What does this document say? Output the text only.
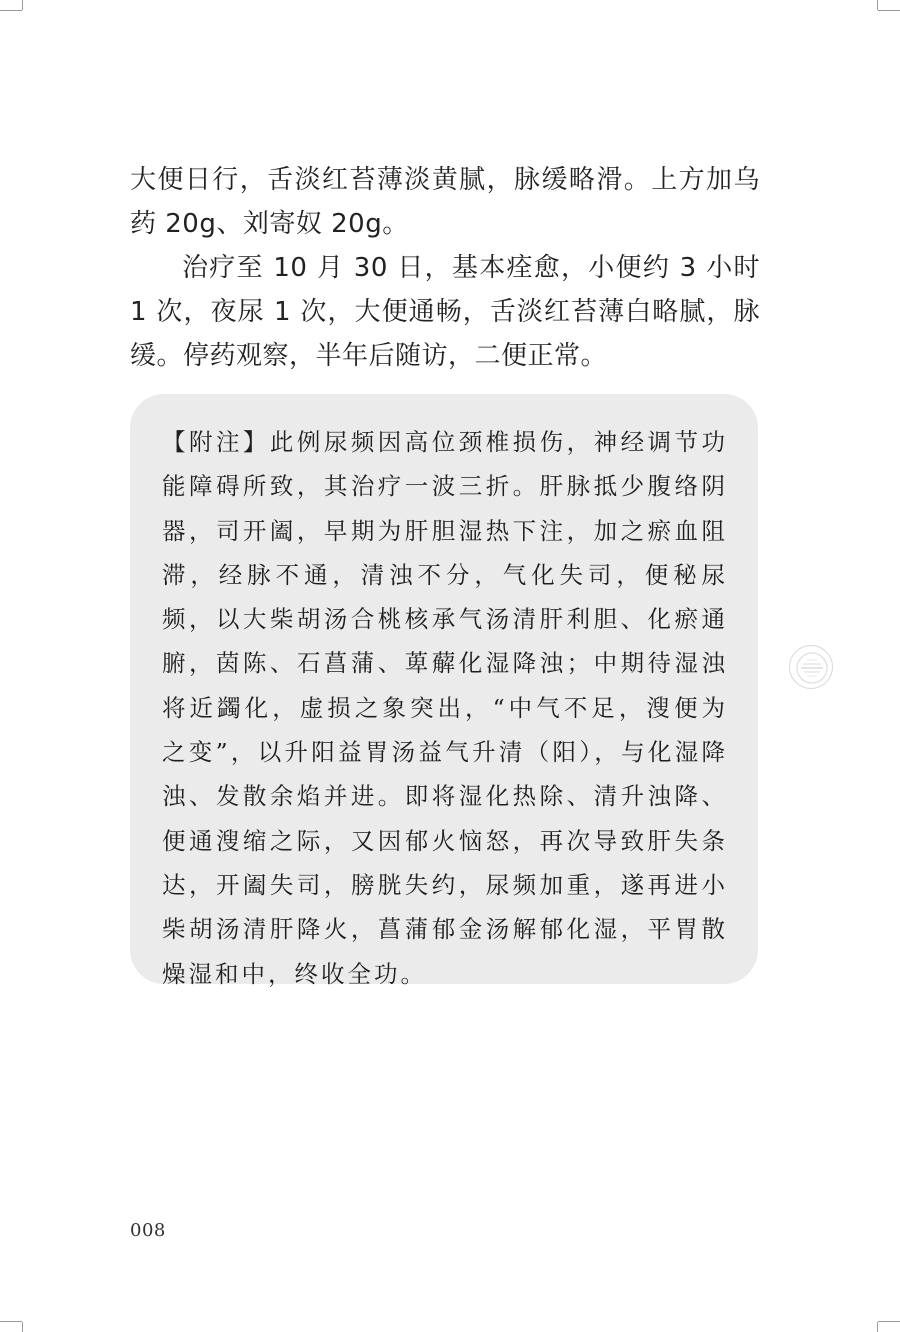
大便日行，舌淡红苔薄淡黄腻，脉缓略滑。上方加乌药 20g、刘寄奴 20g。

治疗至 10 月 30 日，基本痊愈，小便约 3 小时 1 次，夜尿 1 次，大便通畅，舌淡红苔薄白略腻，脉缓。停药观察，半年后随访，二便正常。

【附注】此例尿频因高位颈椎损伤，神经调节功能障碍所致，其治疗一波三折。肝脉抵少腹络阴器，司开阖，早期为肝胆湿热下注，加之瘀血阻滞，经脉不通，清浊不分，气化失司，便秘尿频，以大柴胡汤合桃核承气汤清肝利胆、化瘀通腑，茵陈、石菖蒲、萆薢化湿降浊；中期待湿浊将近蠲化，虚损之象突出，“中气不足，溲便为之变”，以升阳益胃汤益气升清（阳），与化湿降浊、发散余焰并进。即将湿化热除、清升浊降、便通溲缩之际，又因郁火恼怒，再次导致肝失条达，开阖失司，膀胱失约，尿频加重，遂再进小柴胡汤清肝降火，菖蒲郁金汤解郁化湿，平胃散燥湿和中，终收全功。

008
